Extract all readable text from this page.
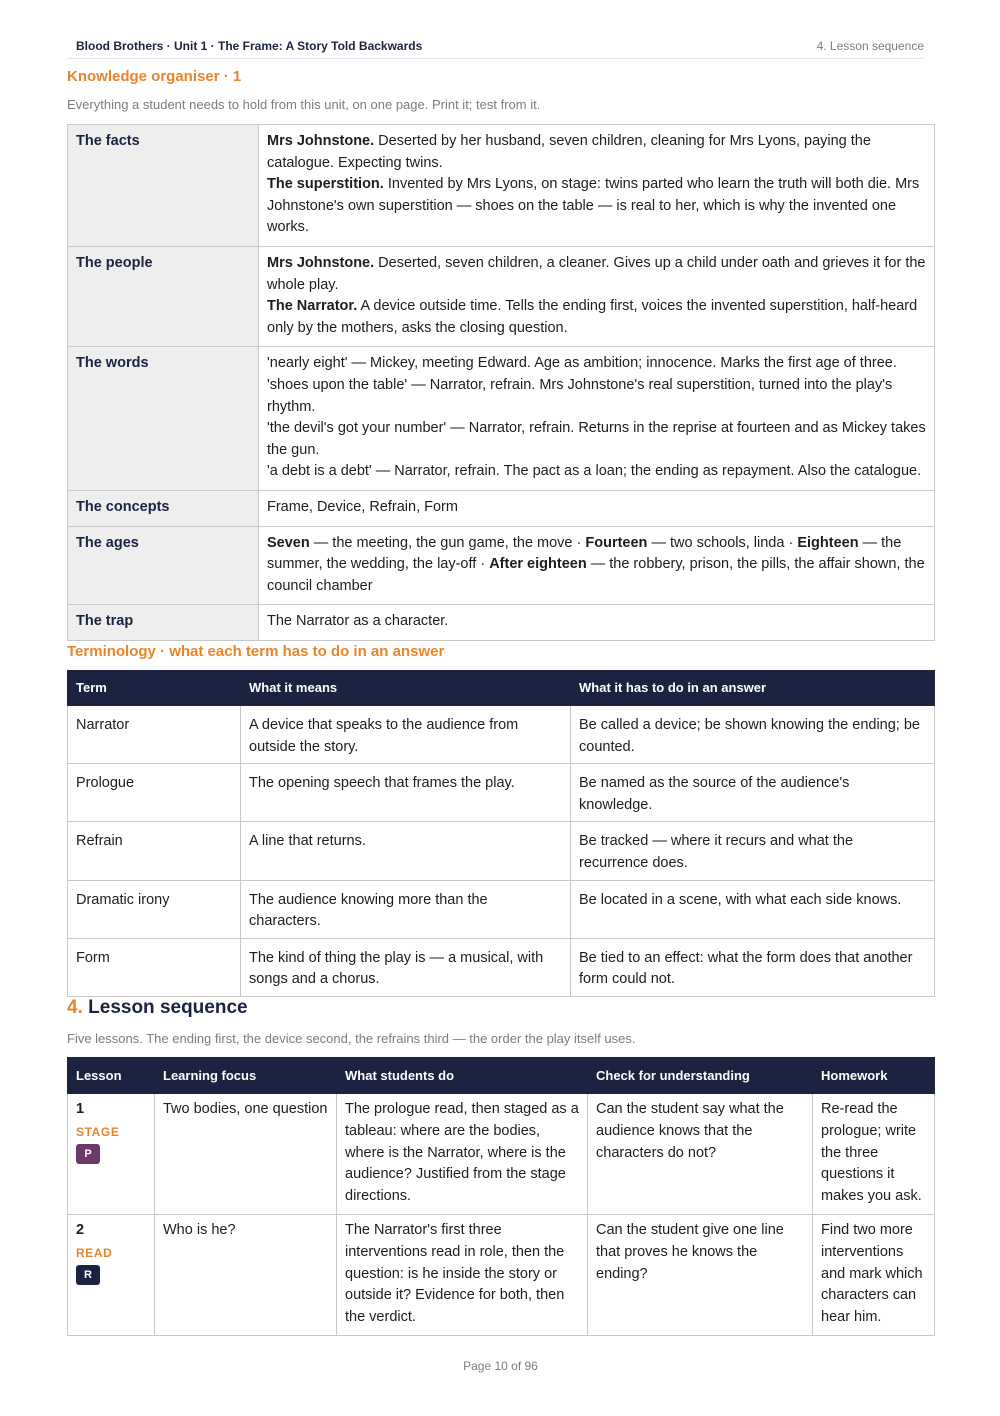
Blood Brothers · Unit 1 · The Frame: A Story Told Backwards	4. Lesson sequence
Knowledge organiser · 1
Everything a student needs to hold from this unit, on one page. Print it; test from it.
The facts	Mrs Johnstone. Deserted by her husband, seven children, cleaning for Mrs Lyons, paying the catalogue. Expecting twins.

The superstition. Invented by Mrs Lyons, on stage: twins parted who learn the truth will both die. Mrs Johnstone's own superstition — shoes on the table — is real to her, which is why the invented one works.

The people	Mrs Johnstone. Deserted, seven children, a cleaner. Gives up a child under oath and grieves it for the whole play.

The Narrator. A device outside time. Tells the ending first, voices the invented superstition, half-heard only by the mothers, asks the closing question.

The words	'nearly eight' — Mickey, meeting Edward. Age as ambition; innocence. Marks the first age of three.

'shoes upon the table' — Narrator, refrain. Mrs Johnstone's real superstition, turned into the play's rhythm.

'the devil's got your number' — Narrator, refrain. Returns in the reprise at fourteen and as Mickey takes the gun.

'a debt is a debt' — Narrator, refrain. The pact as a loan; the ending as repayment. Also the catalogue.

The concepts	Frame, Device, Refrain, Form
The ages	Seven — the meeting, the gun game, the move · Fourteen — two schools, linda · Eighteen — the summer, the wedding, the lay-off · After eighteen — the robbery, prison, the pills, the affair shown, the council chamber
The trap	The Narrator as a character.
Terminology · what each term has to do in an answer
Term	What it means	What it has to do in an answer
Narrator	A device that speaks to the audience from outside the story.	Be called a device; be shown knowing the ending; be counted.
Prologue	The opening speech that frames the play.	Be named as the source of the audience's knowledge.
Refrain	A line that returns.	Be tracked — where it recurs and what the recurrence does.
Dramatic irony	The audience knowing more than the characters.	Be located in a scene, with what each side knows.
Form	The kind of thing the play is — a musical, with songs and a chorus.	Be tied to an effect: what the form does that another form could not.
4. Lesson sequence
Five lessons. The ending first, the device second, the refrains third — the order the play itself uses.
Lesson	Learning focus	What students do	Check for understanding	Homework

1
STAGE
P	Two bodies, one question	The prologue read, then staged as a tableau: where are the bodies, where is the Narrator, where is the audience? Justified from the stage directions.	Can the student say what the audience knows that the characters do not?	Re-read the prologue; write the three questions it makes you ask.

2
READ
R	Who is he?	The Narrator's first three interventions read in role, then the question: is he inside the story or outside it? Evidence for both, then the verdict.	Can the student give one line that proves he knows the ending?	Find two more interventions and mark which characters can hear him.
Page 10 of 96
